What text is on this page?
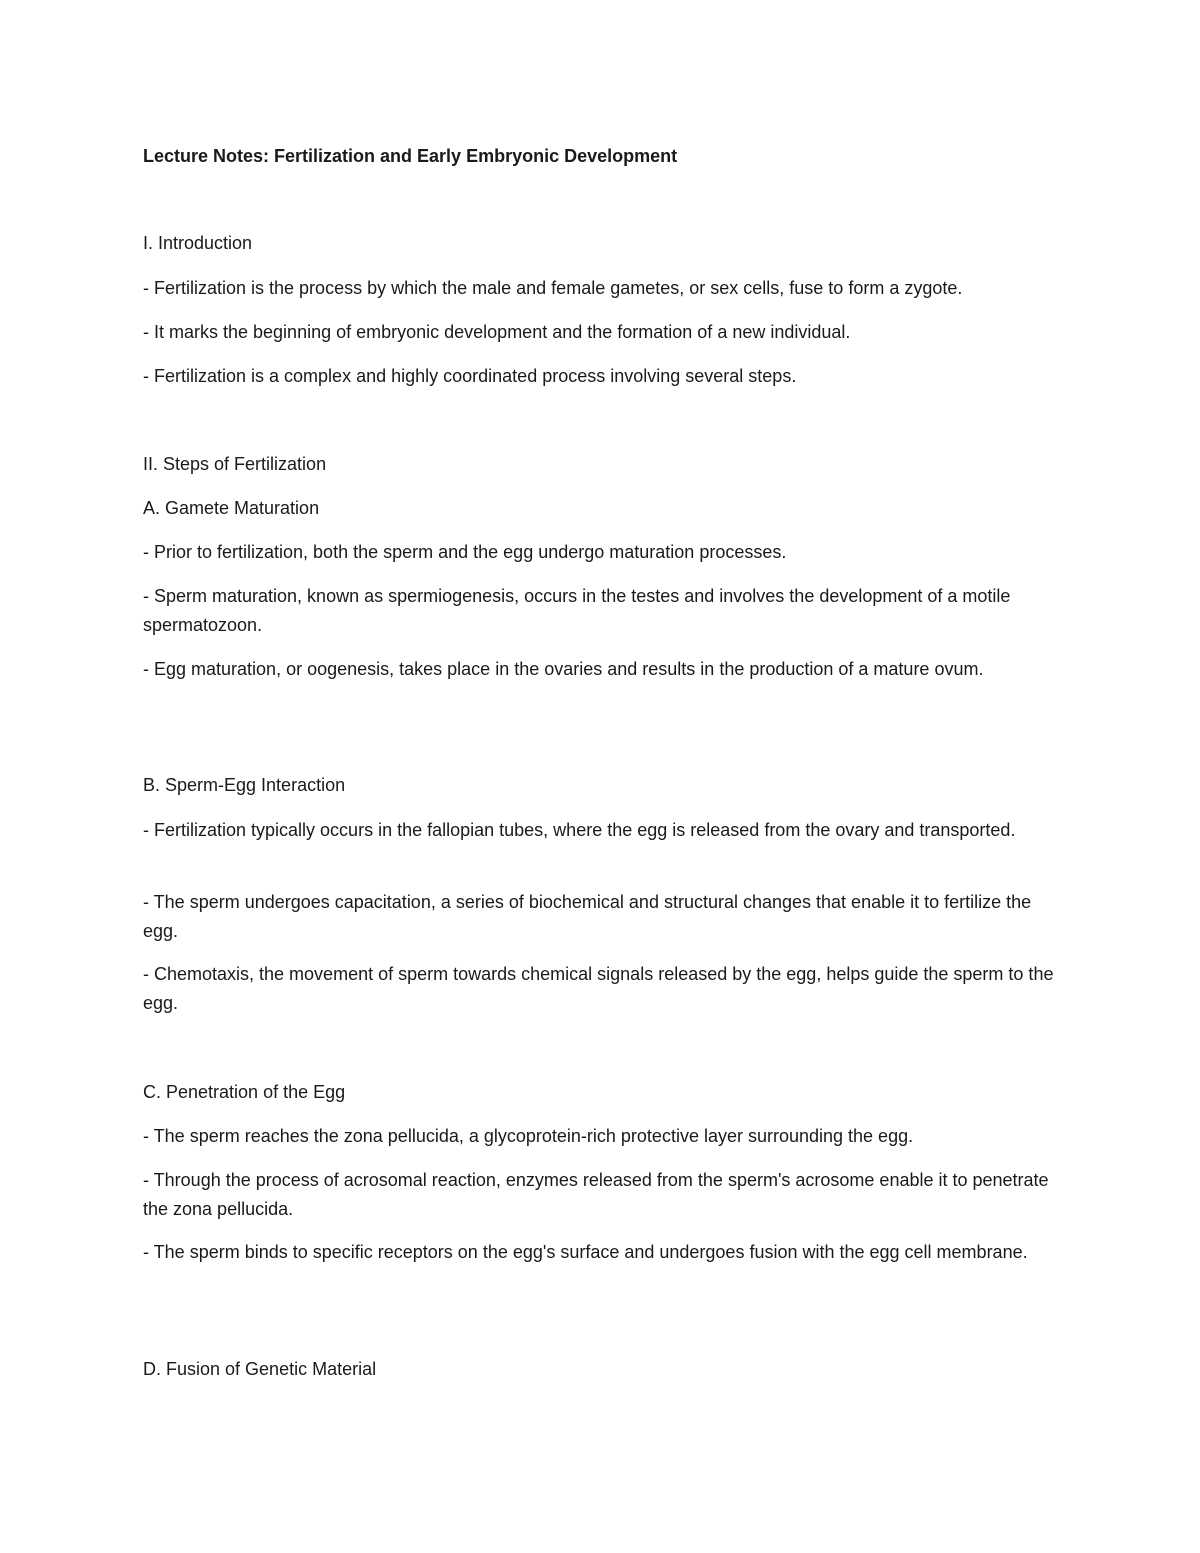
Lecture Notes: Fertilization and Early Embryonic Development
I. Introduction
- Fertilization is the process by which the male and female gametes, or sex cells, fuse to form a zygote.
- It marks the beginning of embryonic development and the formation of a new individual.
- Fertilization is a complex and highly coordinated process involving several steps.
II. Steps of Fertilization
A. Gamete Maturation
- Prior to fertilization, both the sperm and the egg undergo maturation processes.
- Sperm maturation, known as spermiogenesis, occurs in the testes and involves the development of a motile spermatozoon.
- Egg maturation, or oogenesis, takes place in the ovaries and results in the production of a mature ovum.
B. Sperm-Egg Interaction
- Fertilization typically occurs in the fallopian tubes, where the egg is released from the ovary and transported.
- The sperm undergoes capacitation, a series of biochemical and structural changes that enable it to fertilize the egg.
- Chemotaxis, the movement of sperm towards chemical signals released by the egg, helps guide the sperm to the egg.
C. Penetration of the Egg
- The sperm reaches the zona pellucida, a glycoprotein-rich protective layer surrounding the egg.
- Through the process of acrosomal reaction, enzymes released from the sperm's acrosome enable it to penetrate the zona pellucida.
- The sperm binds to specific receptors on the egg's surface and undergoes fusion with the egg cell membrane.
D. Fusion of Genetic Material
